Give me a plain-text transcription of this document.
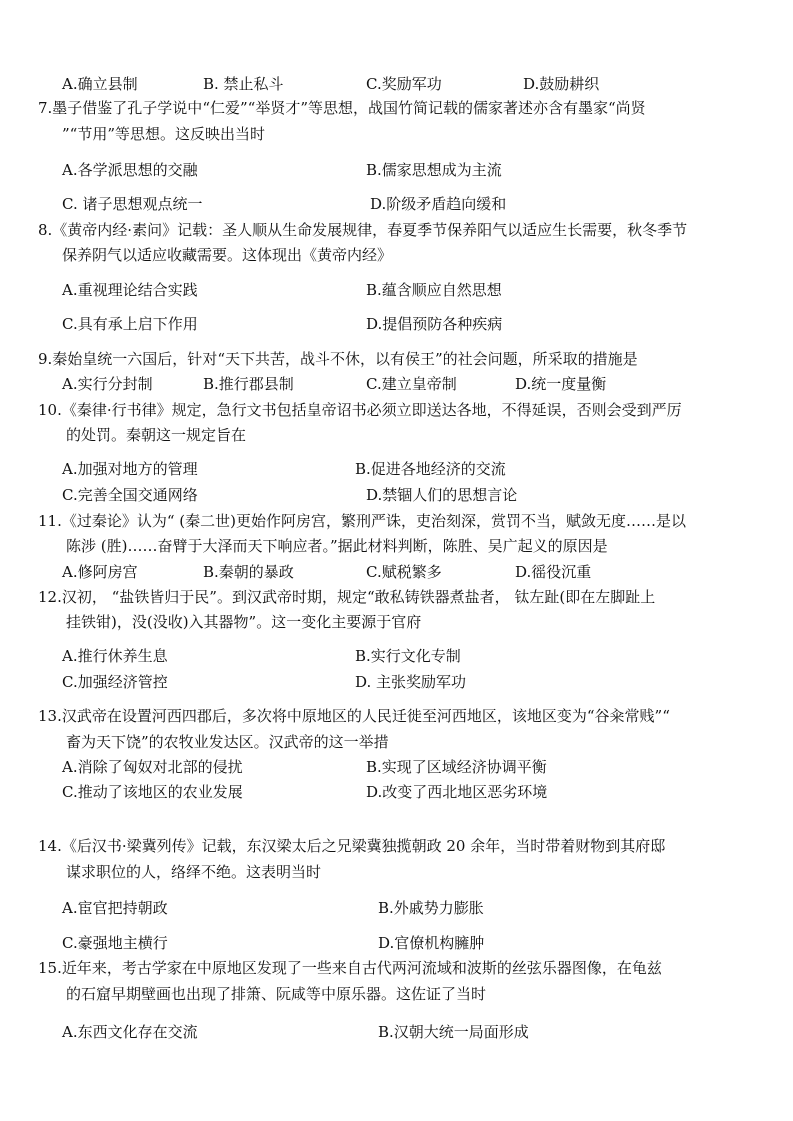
A.确立县制	B. 禁止私斗	C.奖励军功	D.鼓励耕织
7.墨子借鉴了孔子学说中“仁爱”“举贤才”等思想，战国竹简记载的儒家著述亦含有墨家“尚贤
”“节用”等思想。这反映出当时
A.各学派思想的交融	B.儒家思想成为主流
C. 诸子思想观点统一	D.阶级矛盾趋向缓和
8.《黄帝内经·素问》记载：圣人顺从生命发展规律，春夏季节保养阳气以适应生长需要，秋冬季节
保养阴气以适应收藏需要。这体现出《黄帝内经》
A.重视理论结合实践	B.蕴含顺应自然思想
C.具有承上启下作用	D.提倡预防各种疾病
9.秦始皇统一六国后，针对“天下共苦，战斗不休，以有侯王”的社会问题，所采取的措施是
A.实行分封制	B.推行郡县制	C.建立皇帝制	D.统一度量衡
10.《秦律·行书律》规定，急行文书包括皇帝诏书必须立即送达各地，不得延误，否则会受到严厉
的处罚。秦朝这一规定旨在
A.加强对地方的管理	B.促进各地经济的交流
C.完善全国交通网络	D.禁锢人们的思想言论
11.《过秦论》认为“ (秦二世)更始作阿房宫，繁刑严诛，吏治刻深，赏罚不当，赋敛无度……是以
陈涉 (胜)……奋臂于大泽而天下响应者。”据此材料判断，陈胜、吴广起义的原因是
A.修阿房宫	B.秦朝的暴政	C.赋税繁多	D.徭役沉重
12.汉初， “盐铁皆归于民”。到汉武帝时期，规定“敢私铸铁器煮盐者， 钛左趾(即在左脚趾上
挂铁钳)，没(没收)入其器物”。这一变化主要源于官府
A.推行休养生息	B.实行文化专制
C.加强经济管控	D. 主张奖励军功
13.汉武帝在设置河西四郡后，多次将中原地区的人民迁徙至河西地区，该地区变为“谷籴常贱”“
畜为天下饶”的农牧业发达区。汉武帝的这一举措
A.消除了匈奴对北部的侵扰	B.实现了区域经济协调平衡
C.推动了该地区的农业发展	D.改变了西北地区恶劣环境
14.《后汉书·梁冀列传》记载，东汉梁太后之兄梁冀独揽朝政 20 余年，当时带着财物到其府邸
谋求职位的人，络绎不绝。这表明当时
A.宦官把持朝政	B.外戚势力膨胀
C.豪强地主横行	D.官僚机构臃肿
15.近年来，考古学家在中原地区发现了一些来自古代两河流域和波斯的丝弦乐器图像，在龟兹
的石窟早期壁画也出现了排箫、阮咸等中原乐器。这佐证了当时
A.东西文化存在交流	B.汉朝大统一局面形成
